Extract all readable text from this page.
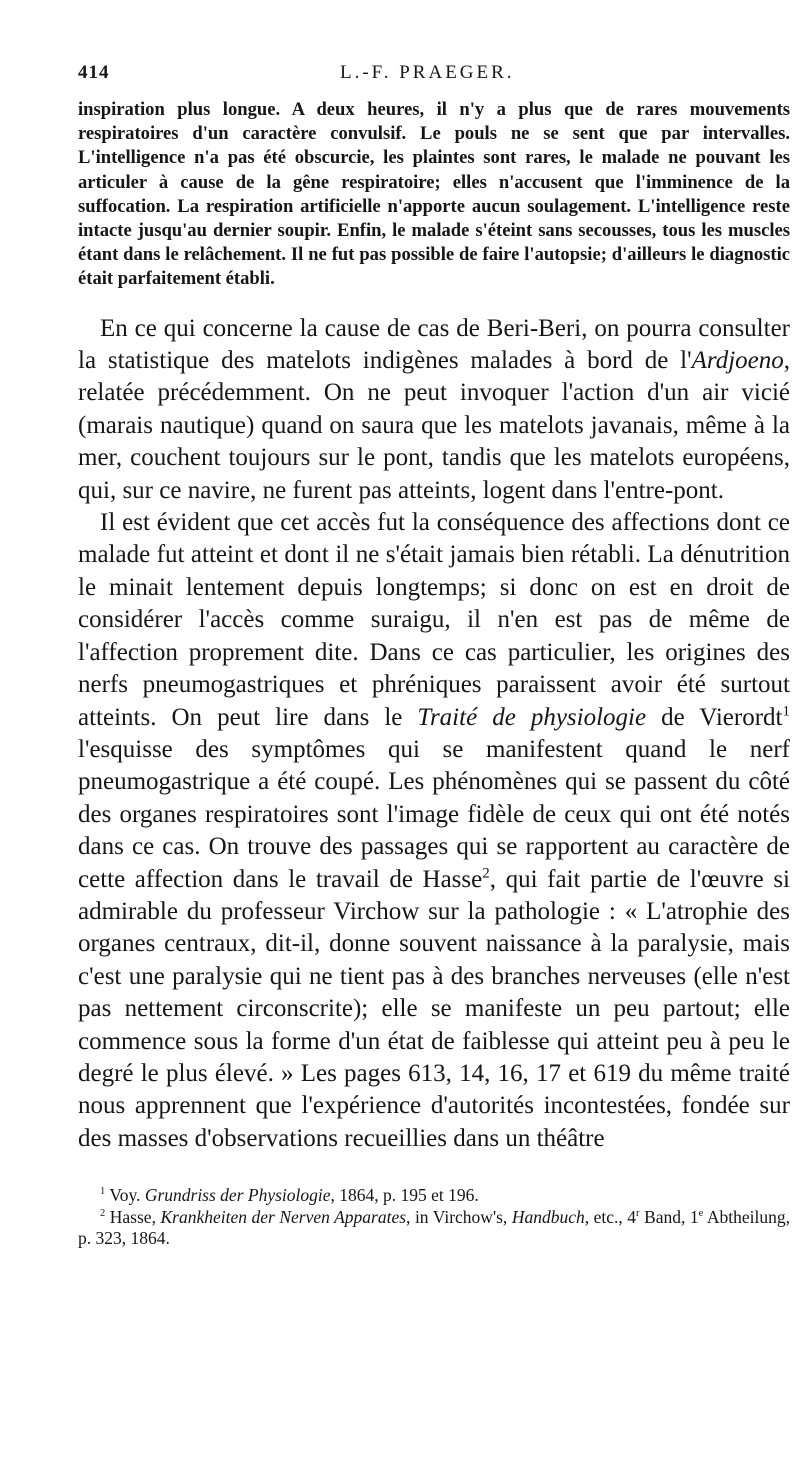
414	L.-F. PRAEGER.

inspiration plus longue. A deux heures, il n'y a plus que de rares mouvements respiratoires d'un caractère convulsif. Le pouls ne se sent que par intervalles. L'intelligence n'a pas été obscurcie, les plaintes sont rares, le malade ne pouvant les articuler à cause de la gêne respiratoire; elles n'accusent que l'imminence de la suffocation. La respiration artificielle n'apporte aucun soulagement. L'intelligence reste intacte jusqu'au dernier soupir. Enfin, le malade s'éteint sans secousses, tous les muscles étant dans le relâchement. Il ne fut pas possible de faire l'autopsie; d'ailleurs le diagnostic était parfaitement établi.

En ce qui concerne la cause de cas de Beri-Beri, on pourra consulter la statistique des matelots indigènes malades à bord de l'Ardjoeno, relatée précédemment. On ne peut invoquer l'action d'un air vicié (marais nautique) quand on saura que les matelots javanais, même à la mer, couchent toujours sur le pont, tandis que les matelots européens, qui, sur ce navire, ne furent pas atteints, logent dans l'entre-pont.

Il est évident que cet accès fut la conséquence des affections dont ce malade fut atteint et dont il ne s'était jamais bien rétabli. La dénutrition le minait lentement depuis longtemps; si donc on est en droit de considérer l'accès comme suraigu, il n'en est pas de même de l'affection proprement dite. Dans ce cas particulier, les origines des nerfs pneumogastriques et phréniques paraissent avoir été surtout atteints. On peut lire dans le Traité de physiologie de Vierordt$^1$ l'esquisse des symptômes qui se manifestent quand le nerf pneumogastrique a été coupé. Les phénomènes qui se passent du côté des organes respiratoires sont l'image fidèle de ceux qui ont été notés dans ce cas. On trouve des passages qui se rapportent au caractère de cette affection dans le travail de Hasse$^2$, qui fait partie de l'œuvre si admirable du professeur Virchow sur la pathologie : « L'atrophie des organes centraux, dit-il, donne souvent naissance à la paralysie, mais c'est une paralysie qui ne tient pas à des branches nerveuses (elle n'est pas nettement circonscrite); elle se manifeste un peu partout; elle commence sous la forme d'un état de faiblesse qui atteint peu à peu le degré le plus élevé. » Les pages 613, 14, 16, 17 et 619 du même traité nous apprennent que l'expérience d'autorités incontestées, fondée sur des masses d'observations recueillies dans un théâtre

$^1$ Voy. Grundriss der Physiologie, 1864, p. 195 et 196.

$^2$ Hasse, Krankheiten der Nerven Apparates, in Virchow's, Handbuch, etc., 4$^r$ Band, 1e Abtheilung, p. 323, 1864.
